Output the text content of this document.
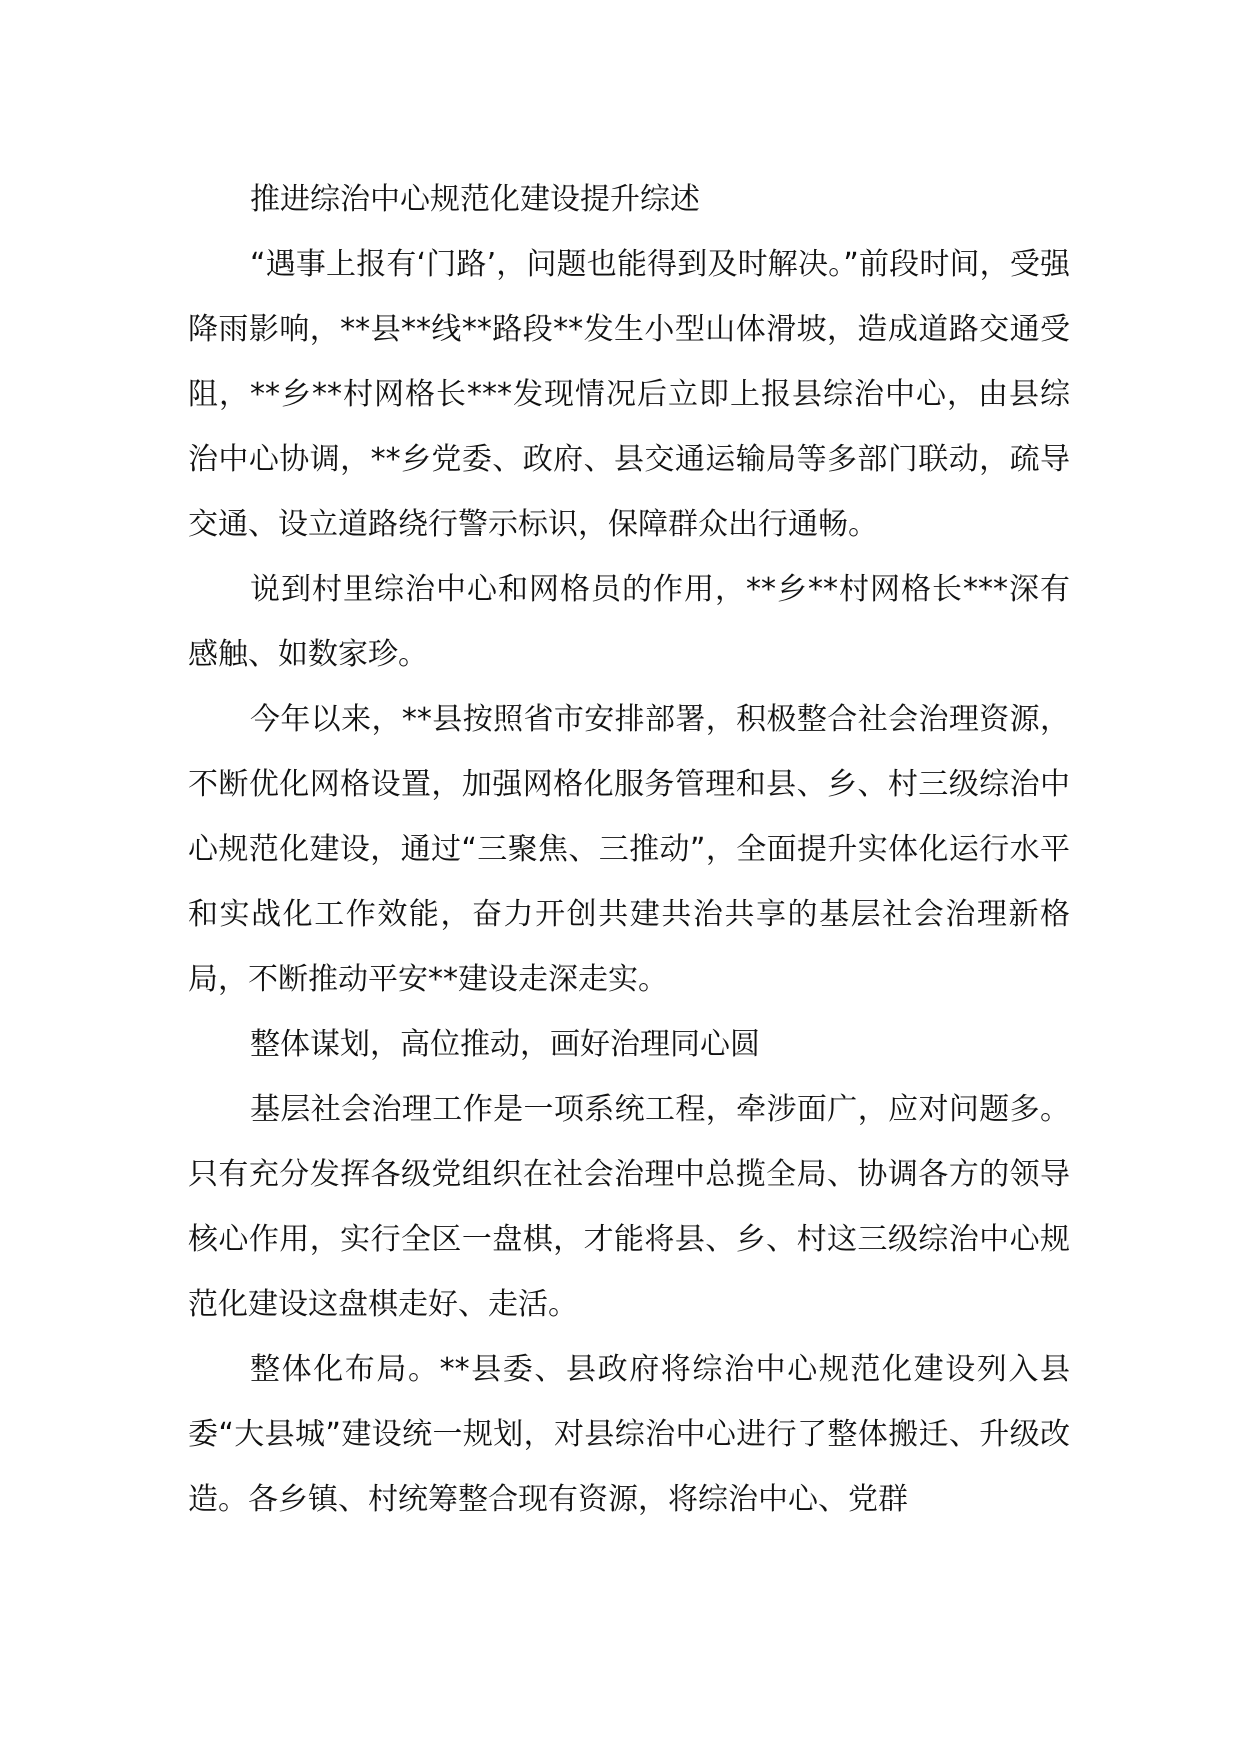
推进综治中心规范化建设提升综述

“遇事上报有‘门路’，问题也能得到及时解决。”前段时间，受强降雨影响，**县**线**路段**发生小型山体滑坡，造成道路交通受阻，**乡**村网格长***发现情况后立即上报县综治中心，由县综治中心协调，**乡党委、政府、县交通运输局等多部门联动，疏导交通、设立道路绕行警示标识，保障群众出行通畅。

说到村里综治中心和网格员的作用，**乡**村网格长***深有感触、如数家珍。

今年以来，**县按照省市安排部署，积极整合社会治理资源，不断优化网格设置，加强网格化服务管理和县、乡、村三级综治中心规范化建设，通过“三聚焦、三推动”，全面提升实体化运行水平和实战化工作效能，奋力开创共建共治共享的基层社会治理新格局，不断推动平安**建设走深走实。

整体谋划，高位推动，画好治理同心圆

基层社会治理工作是一项系统工程，牵涉面广，应对问题多。只有充分发挥各级党组织在社会治理中总揽全局、协调各方的领导核心作用，实行全区一盘棋，才能将县、乡、村这三级综治中心规范化建设这盘棋走好、走活。

整体化布局。**县委、县政府将综治中心规范化建设列入县委“大县城”建设统一规划，对县综治中心进行了整体搬迁、升级改造。各乡镇、村统筹整合现有资源，将综治中心、党群
